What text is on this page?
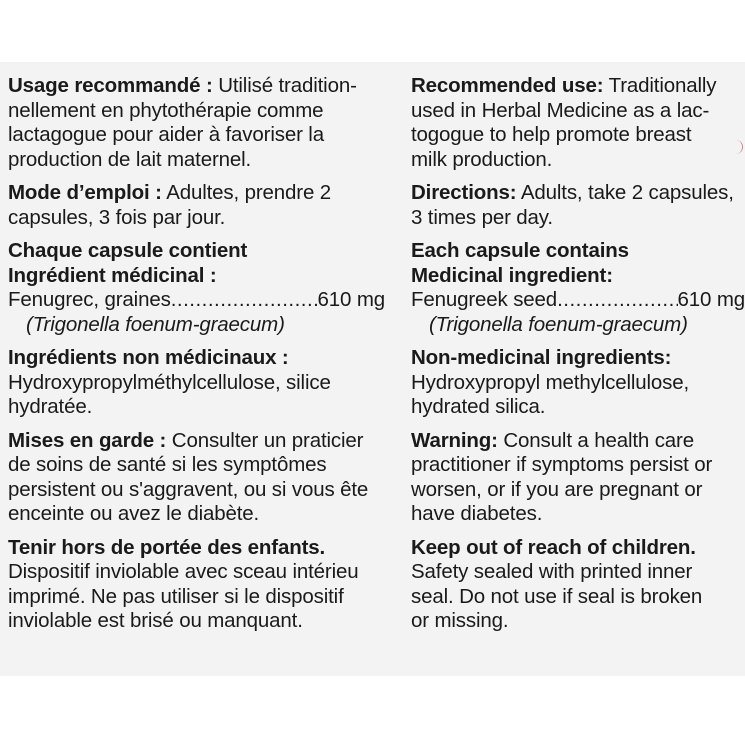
Usage recommandé : Utilisé tradition-

nellement en phytothérapie comme

lactagogue pour aider à favoriser la

production de lait maternel.

Mode d’emploi : Adultes, prendre 2

capsules, 3 fois par jour.

Chaque capsule contient

Ingrédient médicinal :

Fenugrec, graines .....	610 mg

(Trigonella foenum-graecum)

Ingrédients non médicinaux :

Hydroxypropylméthylcellulose, silice

hydratée.

Mises en garde : Consulter un praticier

de soins de santé si les symptômes

persistent ou s'aggravent, ou si vous ête

enceinte ou avez le diabète.

Tenir hors de portée des enfants.

Dispositif inviolable avec sceau intérieu

imprimé. Ne pas utiliser si le dispositif

inviolable est brisé ou manquant.

Recommended use: Traditionally

used in Herbal Medicine as a lac-

togogue to help promote breast

milk production.

Directions: Adults, take 2 capsules,

3 times per day.

Each capsule contains

Medicinal ingredient:

Fenugreek seed .....	610 mg

(Trigonella foenum-graecum)

Non-medicinal ingredients:

Hydroxypropyl methylcellulose,

hydrated silica.

Warning: Consult a health care

practitioner if symptoms persist or

worsen, or if you are pregnant or

have diabetes.

Keep out of reach of children.

Safety sealed with printed inner

seal. Do not use if seal is broken

or missing.
